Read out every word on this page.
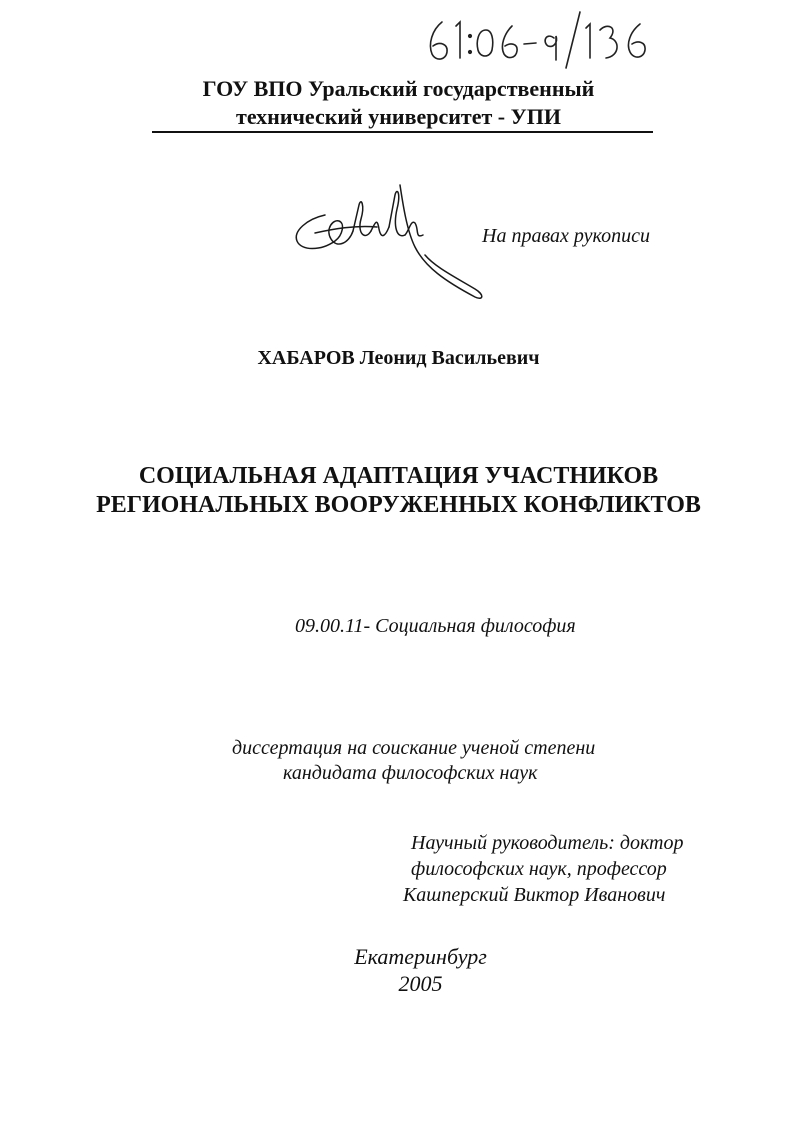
ГОУ ВПО Уральский государственный
технический университет - УПИ
На правах рукописи
ХАБАРОВ Леонид Васильевич
СОЦИАЛЬНАЯ АДАПТАЦИЯ УЧАСТНИКОВ
РЕГИОНАЛЬНЫХ ВООРУЖЕННЫХ КОНФЛИКТОВ
09.00.11- Социальная философия
диссертация на соискание ученой степени
кандидата философских наук
Научный руководитель: доктор
философских наук, профессор
Кашперский Виктор Иванович
Екатеринбург
2005
